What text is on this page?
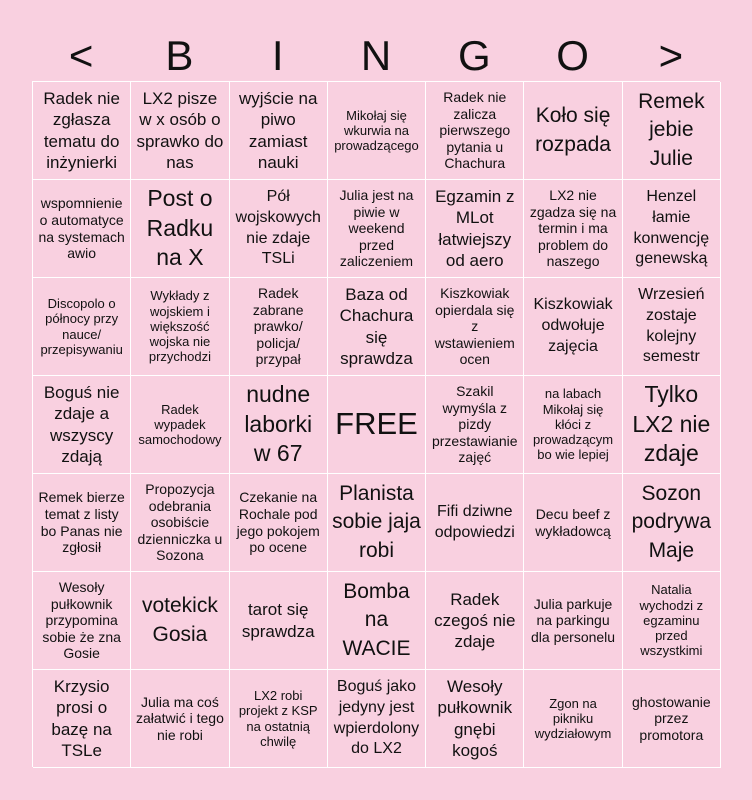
<	B	I	N	G	O	>
Radek nie zgłasza tematu do inżynierki
LX2 pisze w x osób o sprawko do nas
wyjście na piwo zamiast nauki
Mikołaj się wkurwia na prowadzącego
Radek nie zalicza pierwszego pytania u Chachura
Koło się rozpada
Remek jebie Julie
wspomnienie o automatyce na systemach awio
Post o Radku na X
Pół wojskowych nie zdaje TSLi
Julia jest na piwie w weekend przed zaliczeniem
Egzamin z MLot łatwiejszy od aero
LX2 nie zgadza się na termin i ma problem do naszego
Henzel łamie konwencję genewską
Discopolo o północy przy nauce/ przepisywaniu
Wykłady z wojskiem i większość wojska nie przychodzi
Radek zabrane prawko/ policja/ przypał
Baza od Chachura się sprawdza
Kiszkowiak opierdala się z wstawieniem ocen
Kiszkowiak odwołuje zajęcia
Wrzesień zostaje kolejny semestr
Boguś nie zdaje a wszyscy zdają
Radek wypadek samochodowy
nudne laborki w 67
FREE
Szakil wymyśla z pizdy przestawianie zajęć
na labach Mikołaj się kłóci z prowadzącym bo wie lepiej
Tylko LX2 nie zdaje
Remek bierze temat z listy bo Panas nie zgłosił
Propozycja odebrania osobiście dzienniczka u Sozona
Czekanie na Rochale pod jego pokojem po ocene
Planista sobie jaja robi
Fifi dziwne odpowiedzi
Decu beef z wykładowcą
Sozon podrywa Maje
Wesoły pułkownik przypomina sobie że zna Gosie
votekick Gosia
tarot się sprawdza
Bomba na WACIE
Radek czegoś nie zdaje
Julia parkuje na parkingu dla personelu
Natalia wychodzi z egzaminu przed wszystkimi
Krzysio prosi o bazę na TSLe
Julia ma coś załatwić i tego nie robi
LX2 robi projekt z KSP na ostatnią chwilę
Boguś jako jedyny jest wpierdolony do LX2
Wesoły pułkownik gnębi kogoś
Zgon na pikniku wydziałowym
ghostowanie przez promotora
